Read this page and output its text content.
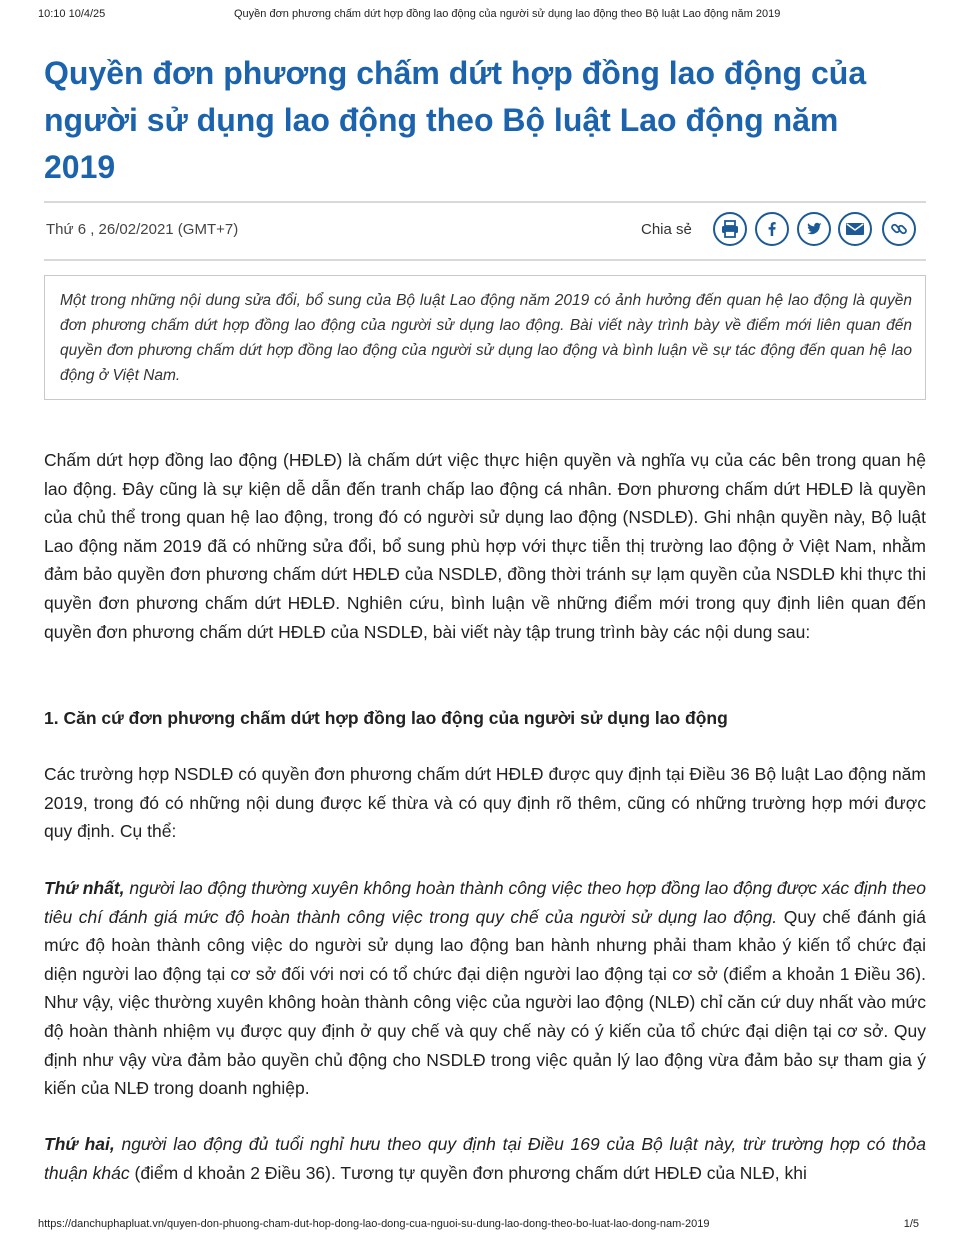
10:10 10/4/25	Quyền đơn phương chấm dứt hợp đồng lao động của người sử dụng lao động theo Bộ luật Lao động năm 2019
Quyền đơn phương chấm dứt hợp đồng lao động của người sử dụng lao động theo Bộ luật Lao động năm 2019
Thứ 6 , 26/02/2021 (GMT+7)	Chia sẻ
Một trong những nội dung sửa đổi, bổ sung của Bộ luật Lao động năm 2019 có ảnh hưởng đến quan hệ lao động là quyền đơn phương chấm dứt hợp đồng lao động của người sử dụng lao động. Bài viết này trình bày về điểm mới liên quan đến quyền đơn phương chấm dứt hợp đồng lao động của người sử dụng lao động và bình luận về sự tác động đến quan hệ lao động ở Việt Nam.

Chấm dứt hợp đồng lao động (HĐLĐ) là chấm dứt việc thực hiện quyền và nghĩa vụ của các bên trong quan hệ lao động. Đây cũng là sự kiện dễ dẫn đến tranh chấp lao động cá nhân. Đơn phương chấm dứt HĐLĐ là quyền của chủ thể trong quan hệ lao động, trong đó có người sử dụng lao động (NSDLĐ). Ghi nhận quyền này, Bộ luật Lao động năm 2019 đã có những sửa đổi, bổ sung phù hợp với thực tiễn thị trường lao động ở Việt Nam, nhằm đảm bảo quyền đơn phương chấm dứt HĐLĐ của NSDLĐ, đồng thời tránh sự lạm quyền của NSDLĐ khi thực thi quyền đơn phương chấm dứt HĐLĐ. Nghiên cứu, bình luận về những điểm mới trong quy định liên quan đến quyền đơn phương chấm dứt HĐLĐ của NSDLĐ, bài viết này tập trung trình bày các nội dung sau:

1. Căn cứ đơn phương chấm dứt hợp đồng lao động của người sử dụng lao động

Các trường hợp NSDLĐ có quyền đơn phương chấm dứt HĐLĐ được quy định tại Điều 36 Bộ luật Lao động năm 2019, trong đó có những nội dung được kế thừa và có quy định rõ thêm, cũng có những trường hợp mới được quy định. Cụ thể:

Thứ nhất, người lao động thường xuyên không hoàn thành công việc theo hợp đồng lao động được xác định theo tiêu chí đánh giá mức độ hoàn thành công việc trong quy chế của người sử dụng lao động. Quy chế đánh giá mức độ hoàn thành công việc do người sử dụng lao động ban hành nhưng phải tham khảo ý kiến tổ chức đại diện người lao động tại cơ sở đối với nơi có tổ chức đại diện người lao động tại cơ sở (điểm a khoản 1 Điều 36). Như vậy, việc thường xuyên không hoàn thành công việc của người lao động (NLĐ) chỉ căn cứ duy nhất vào mức độ hoàn thành nhiệm vụ được quy định ở quy chế và quy chế này có ý kiến của tổ chức đại diện tại cơ sở. Quy định như vậy vừa đảm bảo quyền chủ động cho NSDLĐ trong việc quản lý lao động vừa đảm bảo sự tham gia ý kiến của NLĐ trong doanh nghiệp.

Thứ hai, người lao động đủ tuổi nghỉ hưu theo quy định tại Điều 169 của Bộ luật này, trừ trường hợp có thỏa thuận khác (điểm d khoản 2 Điều 36). Tương tự quyền đơn phương chấm dứt HĐLĐ của NLĐ, khi

https://danchuphapluat.vn/quyen-don-phuong-cham-dut-hop-dong-lao-dong-cua-nguoi-su-dung-lao-dong-theo-bo-luat-lao-dong-nam-2019	1/5
